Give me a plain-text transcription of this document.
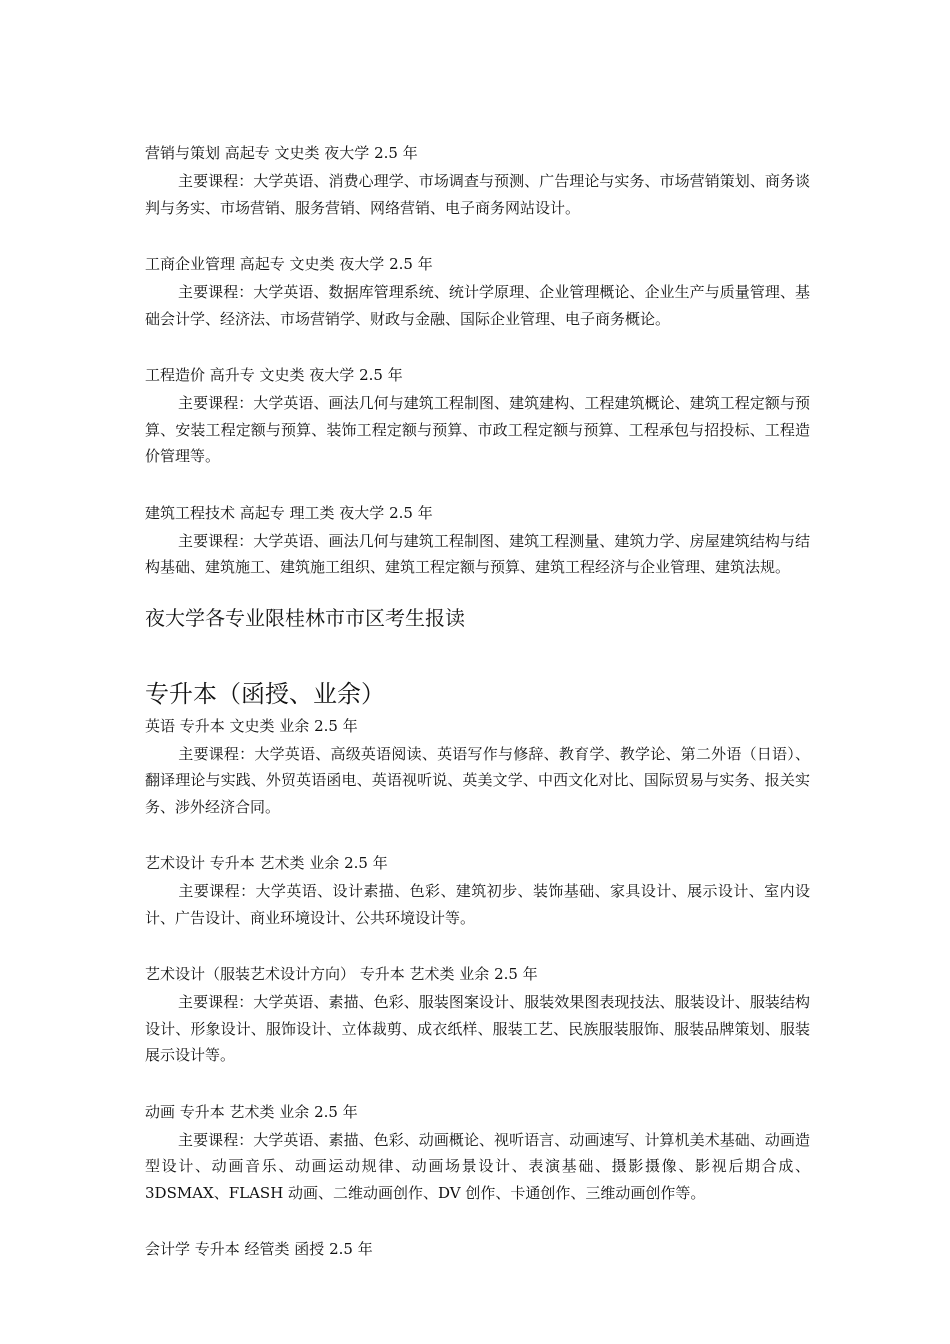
营销与策划 高起专 文史类 夜大学 2.5 年

主要课程：大学英语、消费心理学、市场调查与预测、广告理论与实务、市场营销策划、商务谈判与务实、市场营销、服务营销、网络营销、电子商务网站设计。

工商企业管理 高起专 文史类 夜大学 2.5 年

主要课程：大学英语、数据库管理系统、统计学原理、企业管理概论、企业生产与质量管理、基础会计学、经济法、市场营销学、财政与金融、国际企业管理、电子商务概论。

工程造价 高升专 文史类 夜大学 2.5 年

主要课程：大学英语、画法几何与建筑工程制图、建筑建构、工程建筑概论、建筑工程定额与预算、安装工程定额与预算、装饰工程定额与预算、市政工程定额与预算、工程承包与招投标、工程造价管理等。

建筑工程技术 高起专 理工类 夜大学 2.5 年

主要课程：大学英语、画法几何与建筑工程制图、建筑工程测量、建筑力学、房屋建筑结构与结构基础、建筑施工、建筑施工组织、建筑工程定额与预算、建筑工程经济与企业管理、建筑法规。

夜大学各专业限桂林市市区考生报读
专升本（函授、业余）
英语 专升本 文史类 业余 2.5 年

主要课程：大学英语、高级英语阅读、英语写作与修辞、教育学、教学论、第二外语（日语）、翻译理论与实践、外贸英语函电、英语视听说、英美文学、中西文化对比、国际贸易与实务、报关实务、涉外经济合同。

艺术设计 专升本 艺术类 业余 2.5 年

主要课程：大学英语、设计素描、色彩、建筑初步、装饰基础、家具设计、展示设计、室内设计、广告设计、商业环境设计、公共环境设计等。

艺术设计（服装艺术设计方向） 专升本 艺术类 业余 2.5 年

主要课程：大学英语、素描、色彩、服装图案设计、服装效果图表现技法、服装设计、服装结构设计、形象设计、服饰设计、立体裁剪、成衣纸样、服装工艺、民族服装服饰、服装品牌策划、服装展示设计等。

动画 专升本 艺术类 业余 2.5 年

主要课程：大学英语、素描、色彩、动画概论、视听语言、动画速写、计算机美术基础、动画造型设计、动画音乐、动画运动规律、动画场景设计、表演基础、摄影摄像、影视后期合成、3DSMAX、FLASH 动画、二维动画创作、DV 创作、卡通创作、三维动画创作等。

会计学 专升本 经管类 函授 2.5 年
